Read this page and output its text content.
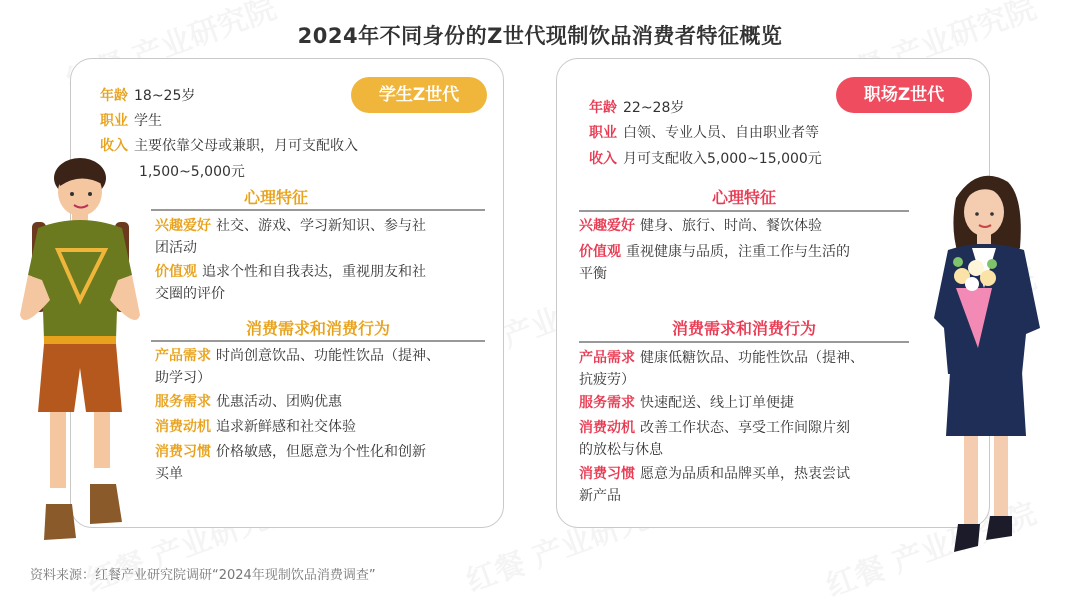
2024年不同身份的Z世代现制饮品消费者特征概览
学生Z世代
年龄 18~25岁
职业 学生
收入 主要依靠父母或兼职，月可支配收入
1,500~5,000元
心理特征
兴趣爱好 社交、游戏、学习新知识、参与社
团活动
价值观 追求个性和自我表达，重视朋友和社
交圈的评价
消费需求和消费行为
产品需求 时尚创意饮品、功能性饮品（提神、
助学习）
服务需求 优惠活动、团购优惠
消费动机 追求新鲜感和社交体验
消费习惯 价格敏感，但愿意为个性化和创新
买单
职场Z世代
年龄 22~28岁
职业 白领、专业人员、自由职业者等
收入 月可支配收入5,000~15,000元
心理特征
兴趣爱好 健身、旅行、时尚、餐饮体验
价值观 重视健康与品质，注重工作与生活的
平衡
消费需求和消费行为
产品需求 健康低糖饮品、功能性饮品（提神、
抗疲劳）
服务需求 快速配送、线上订单便捷
消费动机 改善工作状态、享受工作间隙片刻
的放松与休息
消费习惯 愿意为品质和品牌买单，热衷尝试
新产品
资料来源：红餐产业研究院调研“2024年现制饮品消费调查”
